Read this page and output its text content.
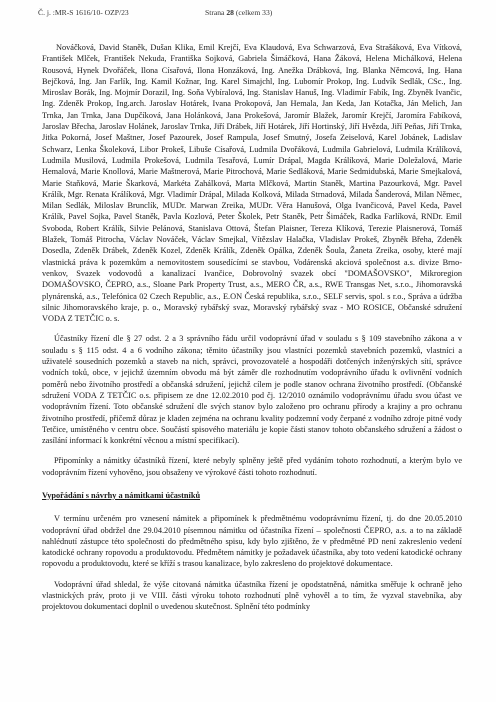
Č. j. :MR-S 1616/10- OZP/23	Strana 28 (celkem 33)

Nováčková, David Staněk, Dušan Klika, Emil Krejčí, Eva Klaudová, Eva Schwarzová, Eva Strašáková, Eva Vítková, František Mlček, František Nekuda, Františka Sojková, Gabriela Šimáčková, Hana Žáková, Helena Michálková, Helena Rousová, Hynek Dvořáček, Ilona Císařová, Ilona Honzáková, Ing. Anežka Drábková, Ing. Blanka Němcová, Ing. Hana Bejčková, Ing. Jan Farlík, Ing. Kamil Kožnar, Ing. Karel Simajchl, Ing. Lubomír Prokop, Ing. Ludvík Sedlák, CSc., Ing. Miroslav Borák, Ing. Mojmír Dorazil, Ing. Soňa Vybíralová, Ing. Stanislav Hanuš, Ing. Vladimír Fabík, Ing. Zbyněk Ivančic, Ing. Zdeněk Prokop, Ing.arch. Jaroslav Hotárek, Ivana Prokopová, Jan Hemala, Jan Keda, Jan Kotačka, Ján Melich, Jan Trnka, Jan Trnka, Jana Dupčíková, Jana Holánková, Jana Prokešová, Jaromír Blažek, Jaromír Krejčí, Jaromíra Fabíková, Jaroslav Břecha, Jaroslav Holánek, Jaroslav Trnka, Jiří Drábek, Jiří Hotárek, Jiří Hortinský, Jiří Hvězda, Jiří Peňas, Jiří Trnka, Jitka Pokorná, Josef Maštner, Josef Pazourek, Josef Rampula, Josef Smutný, Josefa Zeiselová, Karel Jobánek, Ladislav Schwarz, Lenka Školeková, Libor Prokeš, Libuše Císařová, Ludmila Dvořáková, Ludmila Gabrielová, Ludmila Králíková, Ludmila Musilová, Ludmila Prokešová, Ludmila Tesařová, Lumír Drápal, Magda Králíková, Marie Doležalová, Marie Hemalová, Marie Knollová, Marie Maštnerová, Marie Pitrochová, Marie Sedláková, Marie Sedmidubská, Marie Smejkalová, Marie Staňková, Marie Škarková, Markéta Zahálková, Marta Mlčková, Martin Staněk, Martina Pazourková, Mgr. Pavel Králík, Mgr. Renata Králíková, Mgr. Vladimír Drápal, Milada Kolková, Milada Strnadová, Milada Šanderová, Milan Němec, Milan Sedlák, Miloslav Brunclík, MUDr. Marwan Zreika, MUDr. Věra Hanušová, Olga Ivančicová, Pavel Keda, Pavel Králík, Pavel Sojka, Pavel Staněk, Pavla Kozlová, Peter Školek, Petr Staněk, Petr Šimáček, Radka Farlíková, RNDr. Emil Svoboda, Robert Králík, Silvie Pelánová, Stanislava Ottová, Štefan Plaisner, Tereza Klíková, Terezie Plaisnerová, Tomáš Blažek, Tomáš Pitrocha, Václav Nováček, Václav Smejkal, Vítězslav Halačka, Vladislav Prokeš, Zbyněk Břeha, Zdeněk Dosedla, Zdeněk Drábek, Zdeněk Kozel, Zdeněk Králík, Zdeněk Opálka, Zdeněk Šoula, Žaneta Zreika, osoby, které mají vlastnická práva k pozemkům a nemovitostem sousedícími se stavbou, Vodárenská akciová společnost a.s. divize Brno- venkov, Svazek vodovodů a kanalizací Ivančice, Dobrovolný svazek obcí "DOMAŠOVSKO", Mikroregion DOMAŠOVSKO, ČEPRO, a.s., Sloane Park Property Trust, a.s., MERO ČR, a.s., RWE Transgas Net, s.r.o., Jihomoravská plynárenská, a.s., Telefónica 02 Czech Republic, a.s., E.ON Česká republika, s.r.o., SELF servis, spol. s r.o., Správa a údržba silnic Jihomoravského kraje, p. o., Moravský rybářský svaz, Moravský rybářský svaz - MO ROSICE, Občanské sdružení VODA Z TETČIC o. s.

Účastníky řízení dle § 27 odst. 2 a 3 správního řádu určil vodoprávní úřad v souladu s § 109 stavebního zákona a v souladu s § 115 odst. 4 a 6 vodního zákona; těmito účastníky jsou vlastníci pozemků stavebních pozemků, vlastníci a uživatelé sousedních pozemků a staveb na nich, správci, provozovatelé a hospodáři dotčených inženýrských sítí, správce vodních toků, obce, v jejichž územním obvodu má být záměr dle rozhodnutím vodoprávního úřadu k ovlivnění vodních poměrů nebo životního prostředí a občanská sdružení, jejichž cílem je podle stanov ochrana životního prostředí. (Občanské sdružení VODA Z TETČIC o.s. připisem ze dne 12.02.2010 pod čj. 12/2010 oznámilo vodoprávnímu úřadu svou účast ve vodoprávním řízení. Toto občanské sdružení dle svých stanov bylo založeno pro ochranu přírody a krajiny a pro ochranu životního prostředí, přičemž důraz je kladen zejména na ochranu kvality podzemní vody čerpané z vodního zdroje pitné vody Tetčice, umístěného v centru obce. Součástí spisového materiálu je kopie části stanov tohoto občanského sdružení a žádost o zasílání informací k konkrétní věcnou a místní specifikací).

Připomínky a námitky účastníků řízení, které nebyly splněny ještě před vydáním tohoto rozhodnutí, a kterým bylo ve vodoprávním řízení vyhověno, jsou obsaženy ve výrokové části tohoto rozhodnutí.

Vypořádání s návrhy a námitkami účastníků

V termínu určeném pro vznesení námitek a připomínek k předmětnému vodoprávnímu řízení, tj. do dne 20.05.2010 vodoprávní úřad obdržel dne 29.04.2010 písemnou námitku od účastníka řízení – společnosti ČEPRO, a.s. a to na základě nahlédnutí zástupce této společnosti do předmětného spisu, kdy bylo zjištěno, že v předmětné PD není zakreslenio vedení katodické ochrany ropovodu a produktovodu. Předmětem námitky je požadavek účastníka, aby toto vedení katodické ochrany ropovodu a produktovodu, které se kříží s trasou kanalizace, bylo zakresleno do projektové dokumentace.

Vodoprávní úřad shledal, že výše citovaná námitka účastníka řízení je opodstatněná, námitka směřuje k ochraně jeho vlastnických práv, proto ji ve VIII. části výroku tohoto rozhodnutí plně vyhověl a to tím, že vyzval stavebníka, aby projektovou dokumentaci doplnil o uvedenou skutečnost. Splnění této podmínky
